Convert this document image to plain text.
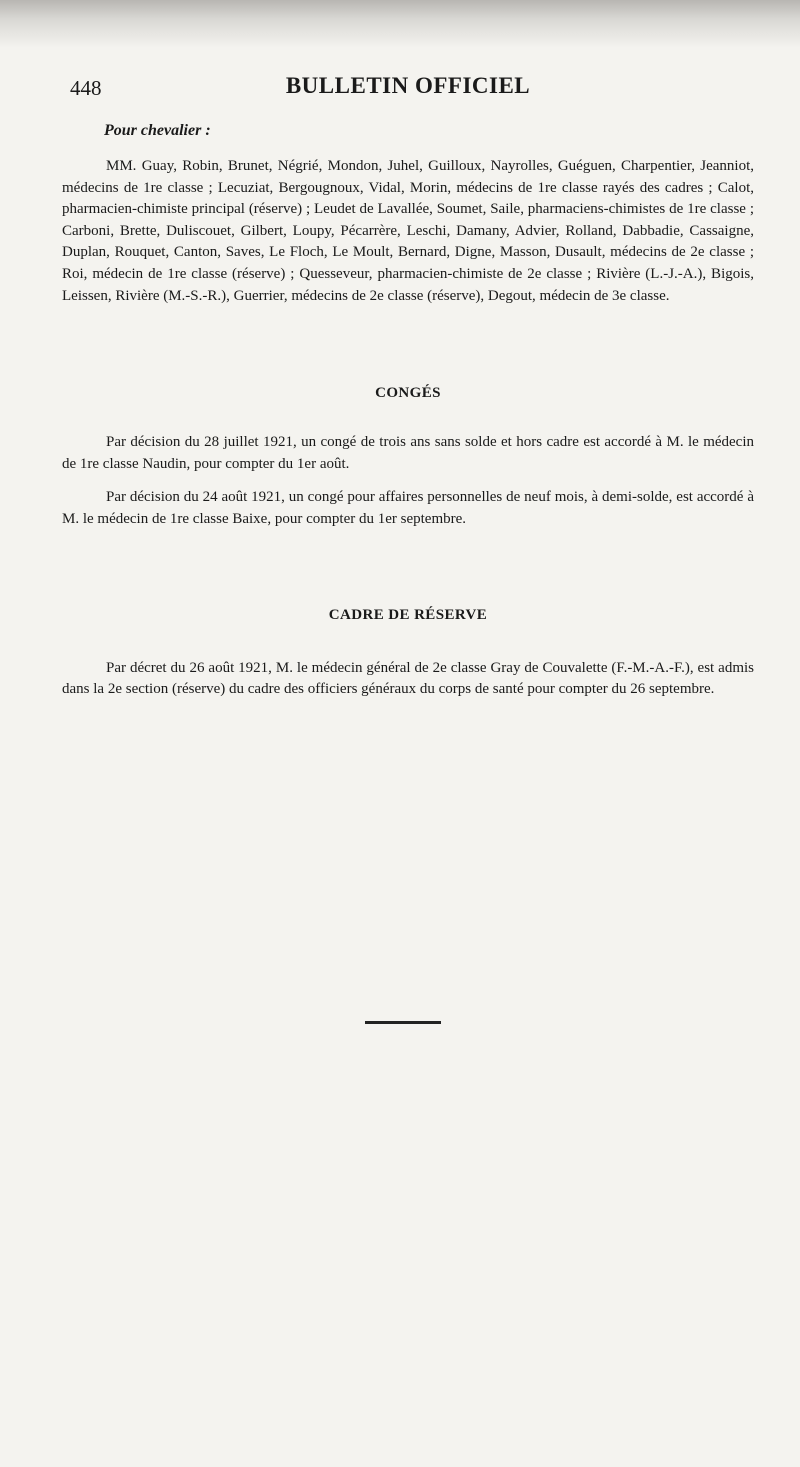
448	BULLETIN OFFICIEL
Pour chevalier :

MM. Guay, Robin, Brunet, Négrié, Mondon, Juhel, Guilloux, Nayrolles, Guéguen, Charpentier, Jeanniot, médecins de 1re classe ; Lecuziat, Bergougnoux, Vidal, Morin, médecins de 1re classe rayés des cadres ; Calot, pharmacien-chimiste principal (réserve) ; Leudet de Lavallée, Soumet, Saile, pharmaciens-chimistes de 1re classe ; Carboni, Brette, Duliscouet, Gilbert, Loupy, Pécarrère, Leschi, Damany, Advier, Rolland, Dabbadie, Cassaigne, Duplan, Rouquet, Canton, Saves, Le Floch, Le Moult, Bernard, Digne, Masson, Dusault, médecins de 2e classe ; Roi, médecin de 1re classe (réserve) ; Quesseveur, pharmacien-chimiste de 2e classe ; Rivière (L.-J.-A.), Bigois, Leissen, Rivière (M.-S.-R.), Guerrier, médecins de 2e classe (réserve), Degout, médecin de 3e classe.

CONGÉS

Par décision du 28 juillet 1921, un congé de trois ans sans solde et hors cadre est accordé à M. le médecin de 1re classe Naudin, pour compter du 1er août.

Par décision du 24 août 1921, un congé pour affaires personnelles de neuf mois, à demi-solde, est accordé à M. le médecin de 1re classe Baixe, pour compter du 1er septembre.

CADRE DE RÉSERVE

Par décret du 26 août 1921, M. le médecin général de 2e classe Gray de Couvalette (F.-M.-A.-F.), est admis dans la 2e section (réserve) du cadre des officiers généraux du corps de santé pour compter du 26 septembre.
